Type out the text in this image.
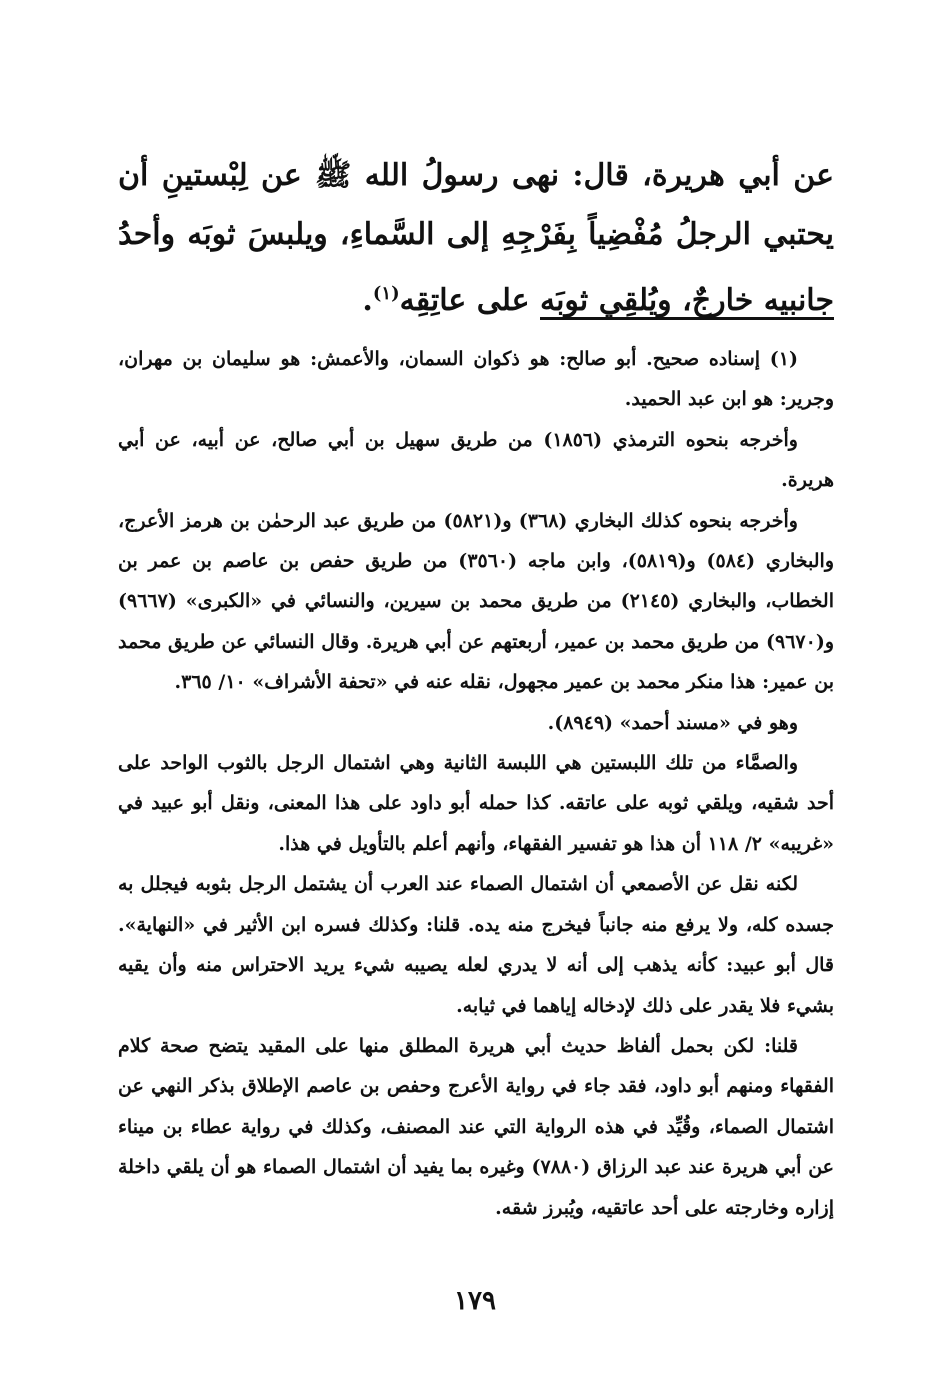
عن أبي هريرة، قال: نهى رسولُ الله ﷺ عن لِبْستينِ أن يحتبي الرجلُ مُفْضِياً بِفَرْجِهِ إلى السَّماءِ، ويلبسَ ثوبَه وأحدُ جانبيه خارجٌ، ويُلقِي ثوبَه على عاتِقِه$^{(١)}$.

(١) إسناده صحيح. أبو صالح: هو ذكوان السمان، والأعمش: هو سليمان بن مهران، وجرير: هو ابن عبد الحميد.

وأخرجه بنحوه الترمذي (١٨٥٦) من طريق سهيل بن أبي صالح، عن أبيه، عن أبي هريرة.

وأخرجه بنحوه كذلك البخاري (٣٦٨) و(٥٨٢١) من طريق عبد الرحمٰن بن هرمز الأعرج، والبخاري (٥٨٤) و(٥٨١٩)، وابن ماجه (٣٥٦٠) من طريق حفص بن عاصم بن عمر بن الخطاب، والبخاري (٢١٤٥) من طريق محمد بن سيرين، والنسائي في «الكبرى» (٩٦٦٧) و(٩٦٧٠) من طريق محمد بن عمير، أربعتهم عن أبي هريرة. وقال النسائي عن طريق محمد بن عمير: هذا منكر محمد بن عمير مجهول، نقله عنه في «تحفة الأشراف» ١٠/ ٣٦٥.

وهو في «مسند أحمد» (٨٩٤٩).

والصمَّاء من تلك اللبستين هي اللبسة الثانية وهي اشتمال الرجل بالثوب الواحد على أحد شقيه، ويلقي ثوبه على عاتقه. كذا حمله أبو داود على هذا المعنى، ونقل أبو عبيد في «غريبه» ٢/ ١١٨ أن هذا هو تفسير الفقهاء، وأنهم أعلم بالتأويل في هذا.

لكنه نقل عن الأصمعي أن اشتمال الصماء عند العرب أن يشتمل الرجل بثوبه فيجلل به جسده كله، ولا يرفع منه جانباً فيخرج منه يده. قلنا: وكذلك فسره ابن الأثير في «النهاية». قال أبو عبيد: كأنه يذهب إلى أنه لا يدري لعله يصيبه شيء يريد الاحتراس منه وأن يقيه بشيء فلا يقدر على ذلك لإدخاله إياهما في ثيابه.

قلنا: لكن بحمل ألفاظ حديث أبي هريرة المطلق منها على المقيد يتضح صحة كلام الفقهاء ومنهم أبو داود، فقد جاء في رواية الأعرج وحفص بن عاصم الإطلاق بذكر النهي عن اشتمال الصماء، وقُيِّد في هذه الرواية التي عند المصنف، وكذلك في رواية عطاء بن ميناء عن أبي هريرة عند عبد الرزاق (٧٨٨٠) وغيره بما يفيد أن اشتمال الصماء هو أن يلقي داخلة إزاره وخارجته على أحد عاتقيه، ويُبرز شقه.

١٧٩
